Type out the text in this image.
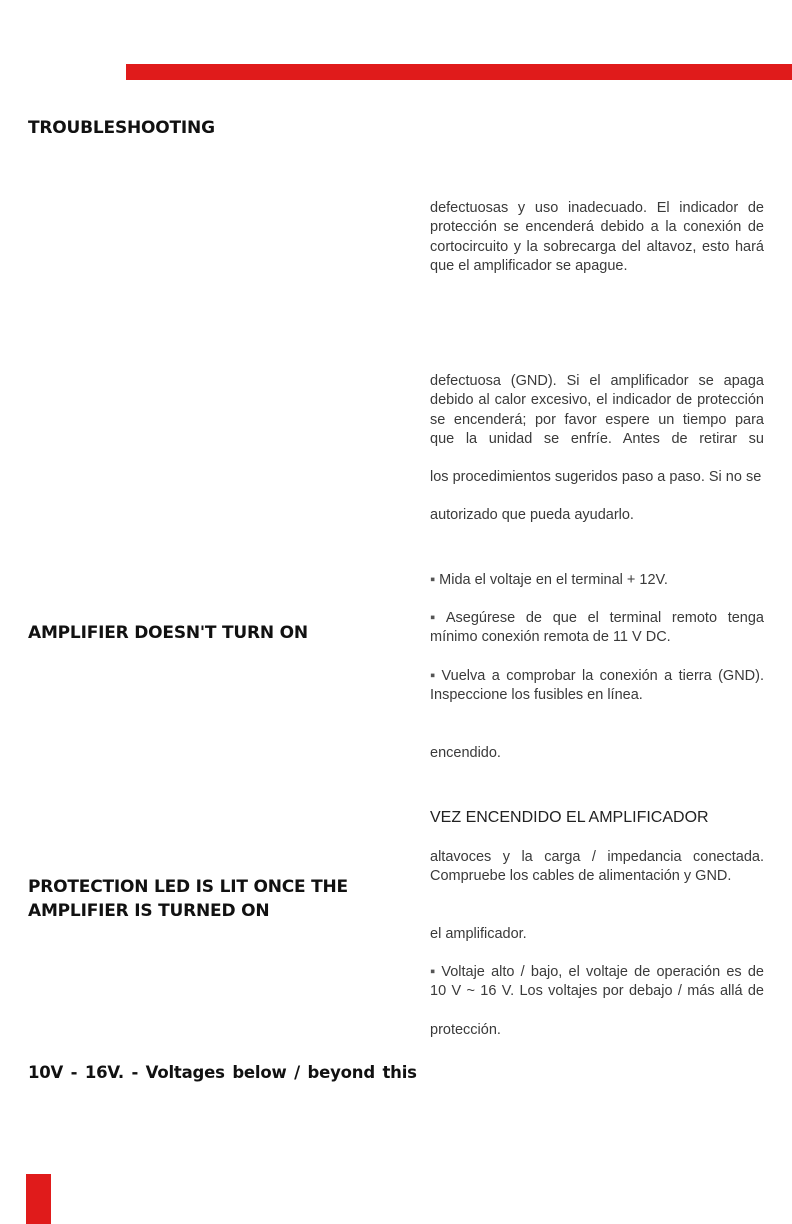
TROUBLESHOOTING
defectuosas y uso inadecuado. El indicador de
protección se encenderá debido a la conexión de
cortocircuito y la sobrecarga del altavoz, esto hará
que el amplificador se apague.
defectuosa (GND). Si el amplificador se apaga
debido al calor excesivo, el indicador de protección
se encenderá; por favor espere un tiempo para
que la unidad se enfríe. Antes de retirar su
los procedimientos sugeridos paso a paso. Si no se
autorizado que pueda ayudarlo.
▪ Mida el voltaje en el terminal + 12V.
AMPLIFIER DOESN'T TURN ON
▪ Asegúrese de que el terminal remoto tenga
mínimo conexión remota de 11 V DC.
▪ Vuelva a comprobar la conexión a tierra (GND).
Inspeccione los fusibles en línea.
encendido.
VEZ ENCENDIDO EL AMPLIFICADOR
altavoces y la carga / impedancia conectada.
Compruebe los cables de alimentación y GND.
PROTECTION LED IS LIT ONCE THE
AMPLIFIER IS TURNED ON
el amplificador.
▪ Voltaje alto / bajo, el voltaje de operación es de
10 V ~ 16 V. Los voltajes por debajo / más allá de
protección.
10V - 16V. - Voltages below / beyond this
